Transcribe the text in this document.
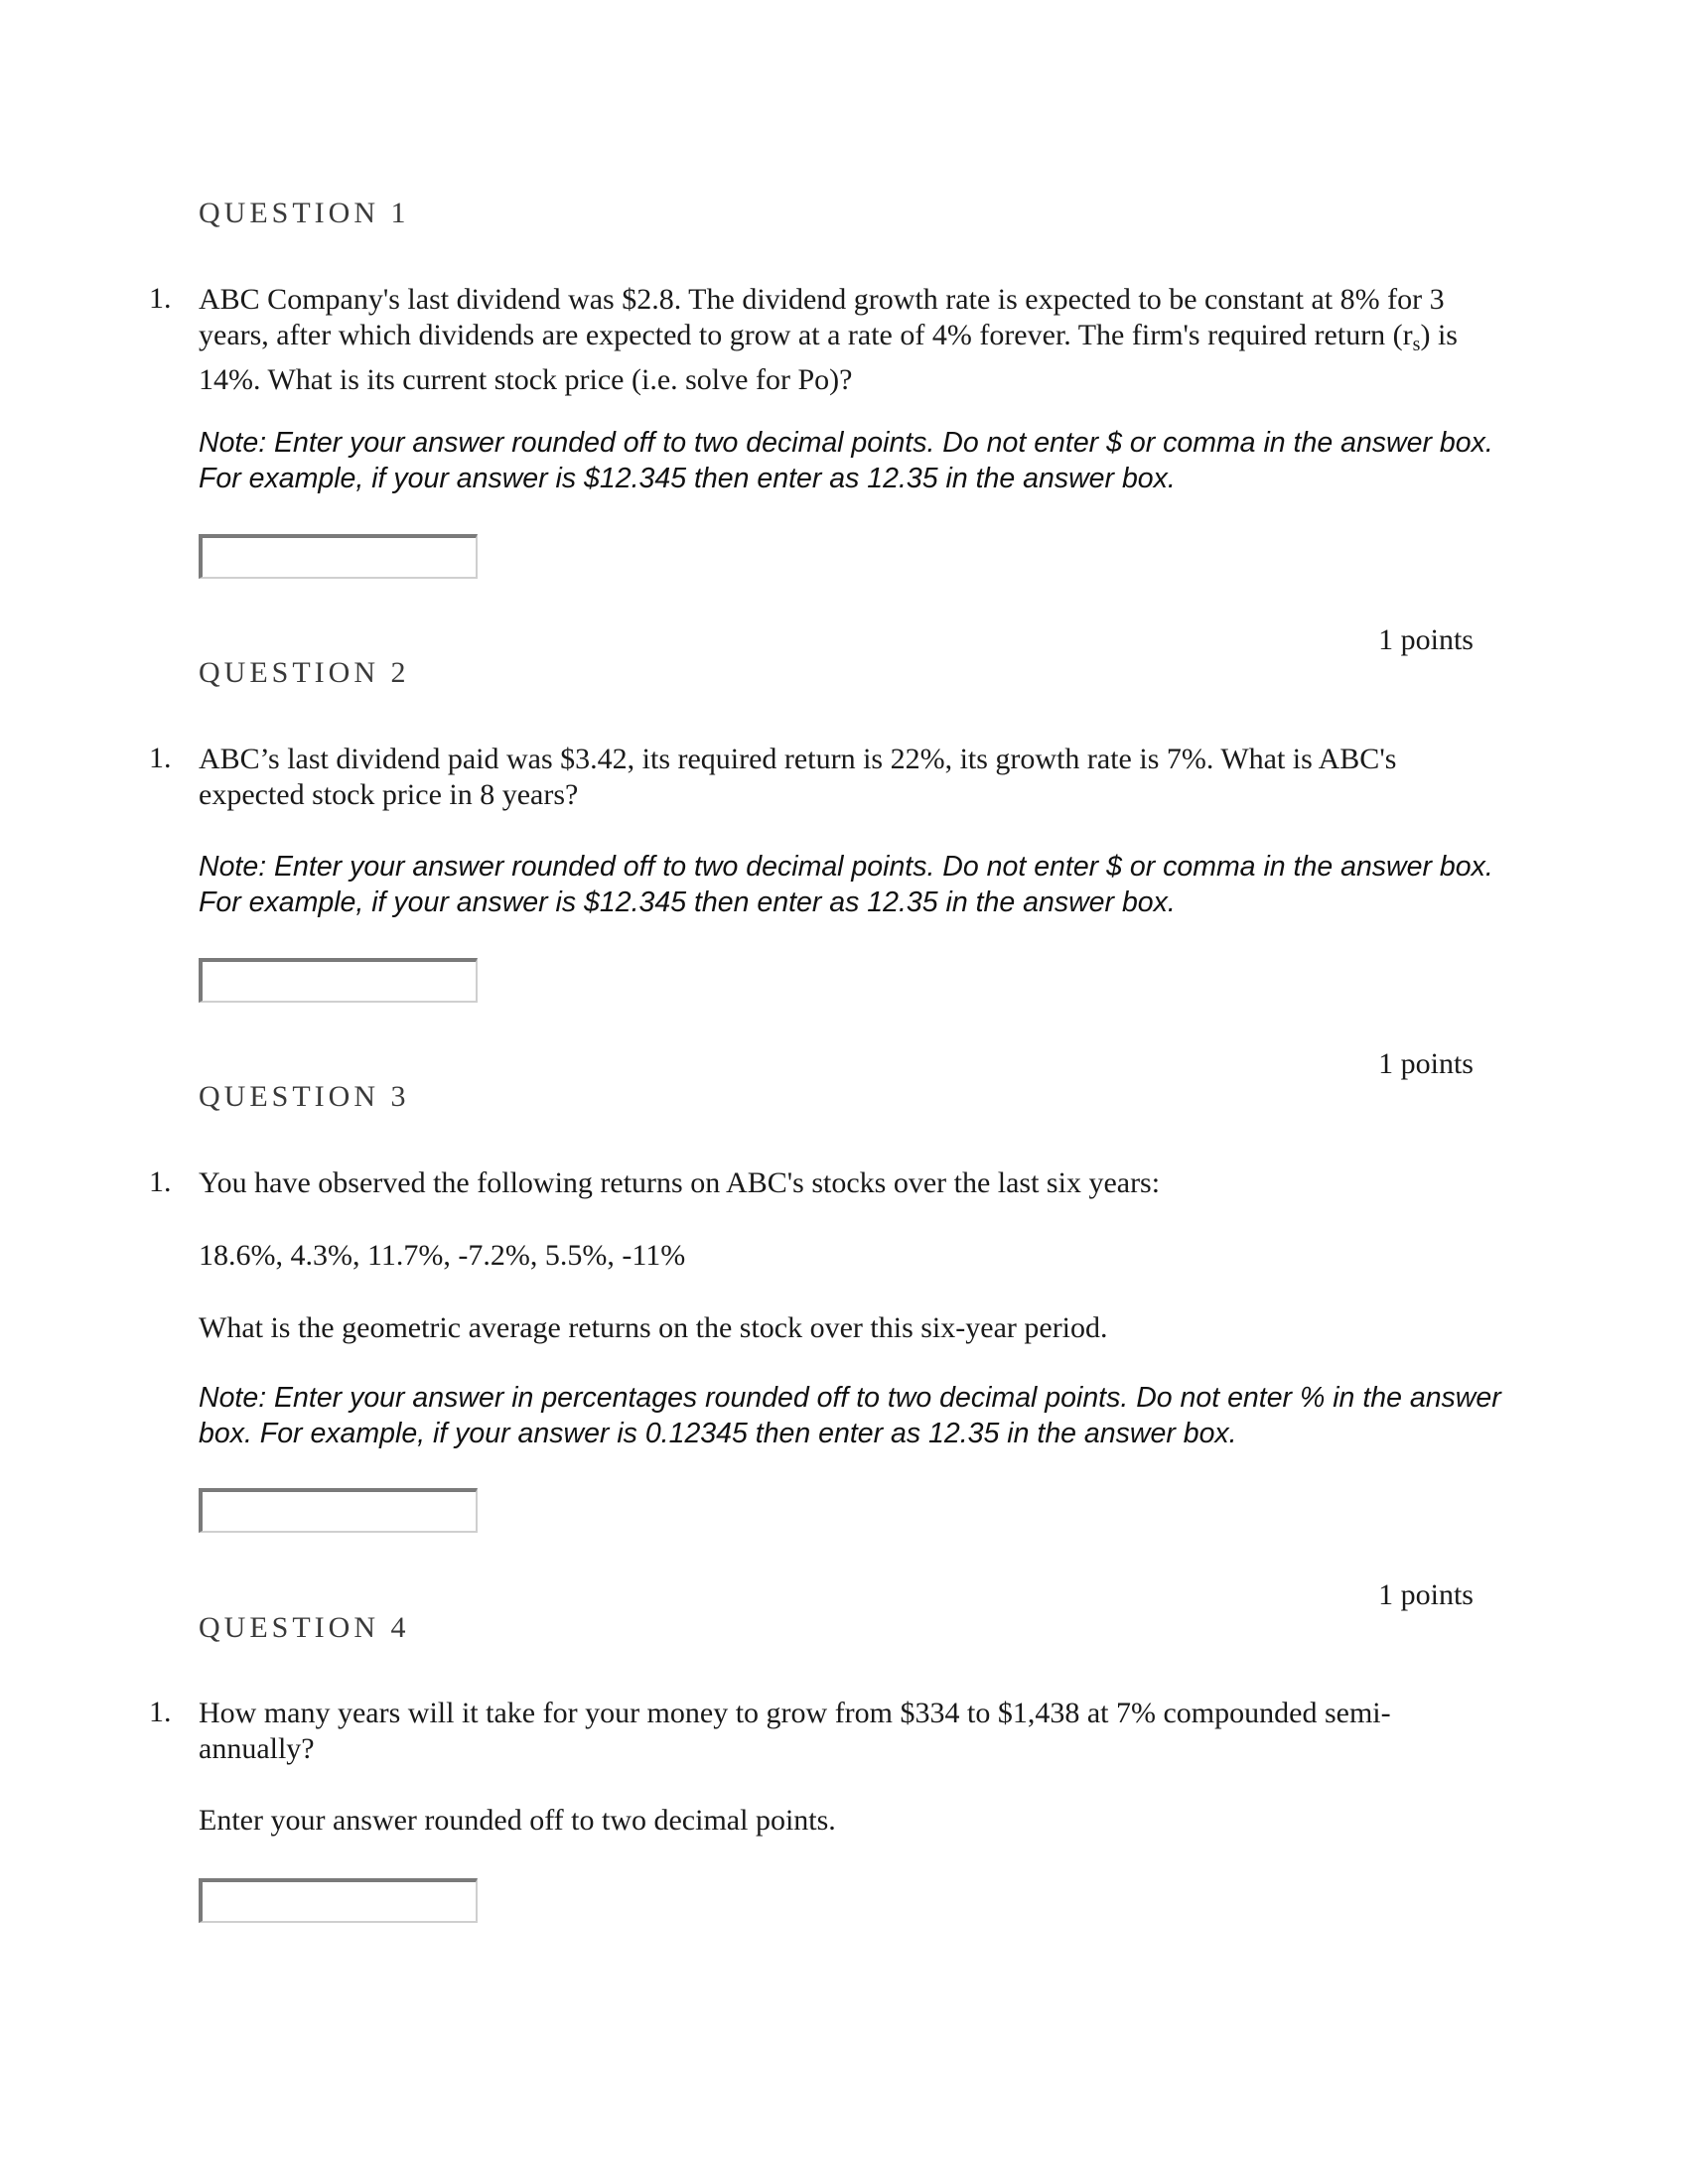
QUESTION 1
1. ABC Company's last dividend was $2.8. The dividend growth rate is expected to be constant at 8% for 3 years, after which dividends are expected to grow at a rate of 4% forever. The firm's required return $(r_s)$ is 14%. What is its current stock price (i.e. solve for Po)?
Note: Enter your answer rounded off to two decimal points. Do not enter $ or comma in the answer box. For example, if your answer is $12.345 then enter as 12.35 in the answer box.
1 points
QUESTION 2
1. ABC’s last dividend paid was $3.42, its required return is 22%, its growth rate is 7%. What is ABC's expected stock price in 8 years?
Note: Enter your answer rounded off to two decimal points. Do not enter $ or comma in the answer box. For example, if your answer is $12.345 then enter as 12.35 in the answer box.
1 points
QUESTION 3
1. You have observed the following returns on ABC's stocks over the last six years:
18.6%, 4.3%, 11.7%, -7.2%, 5.5%, -11%
What is the geometric average returns on the stock over this six-year period.
Note: Enter your answer in percentages rounded off to two decimal points. Do not enter % in the answer box. For example, if your answer is 0.12345 then enter as 12.35 in the answer box.
1 points
QUESTION 4
1. How many years will it take for your money to grow from $334 to $1,438 at 7% compounded semi-annually?
Enter your answer rounded off to two decimal points.
